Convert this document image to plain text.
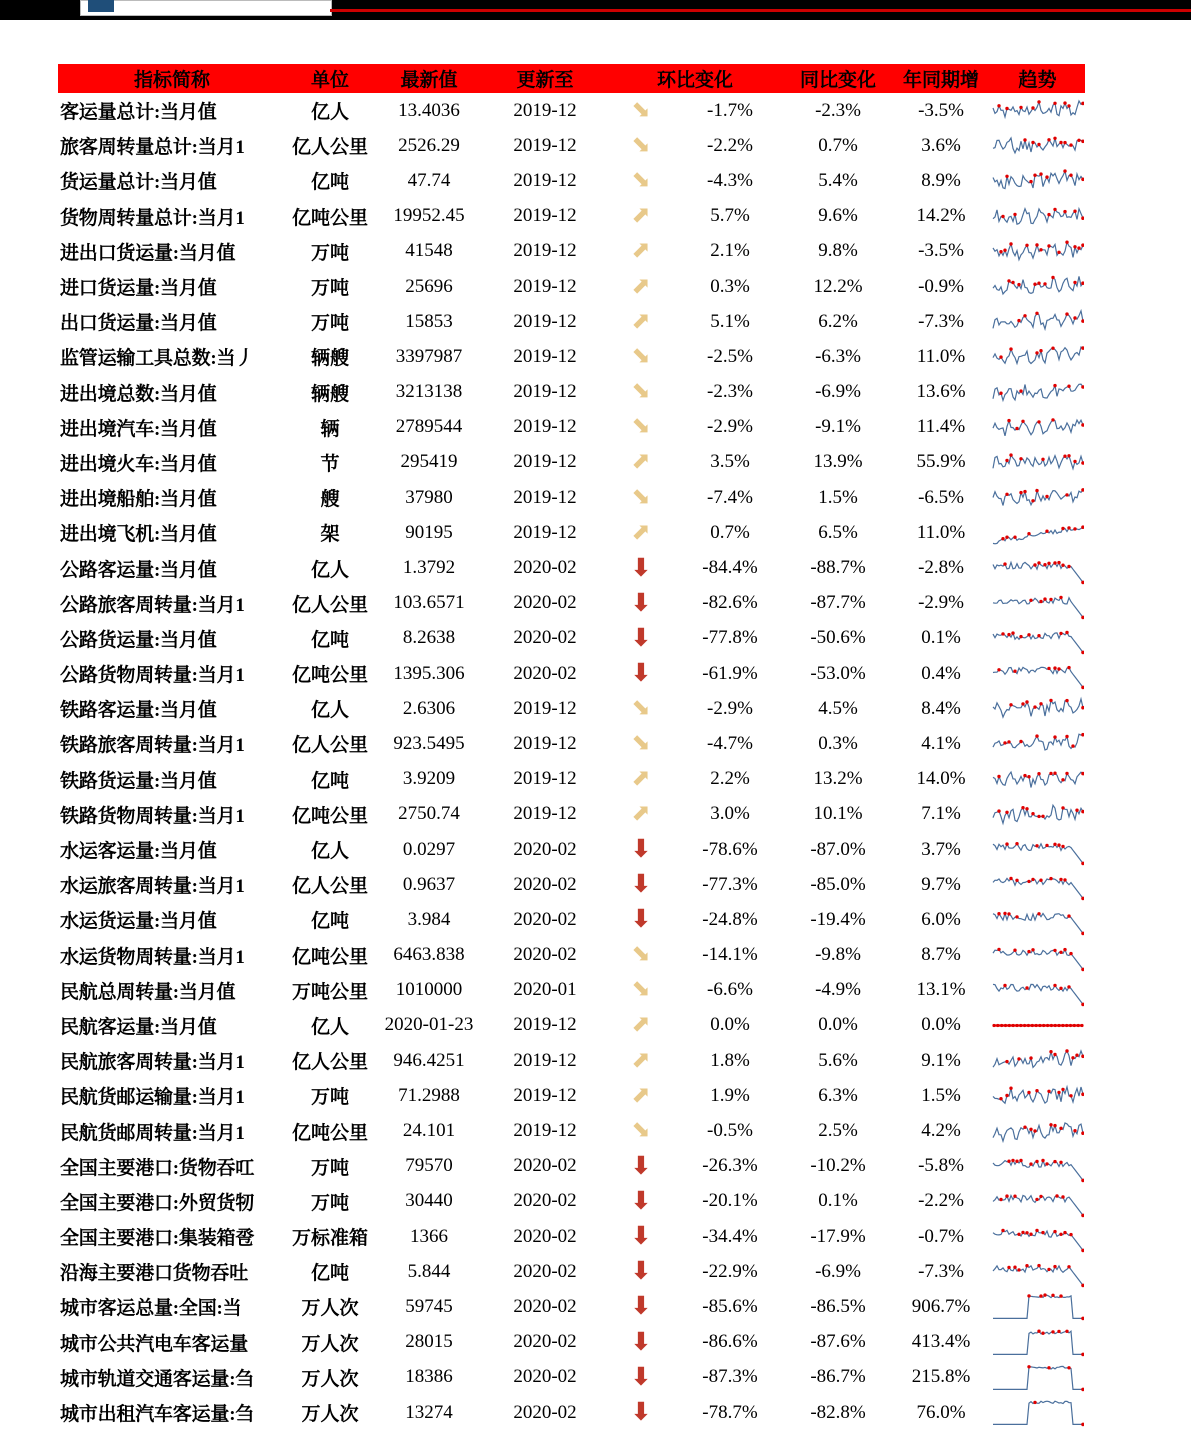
指标简称	单位	最新值	更新至	环比变化		同比变化	年同期增	趋势
客运量总计:当月值	亿人	13.4036	2019-12	⬊	-1.7%	-2.3%	-3.5%	

旅客周转量总计:当月1	亿人公里	2526.29	2019-12	⬊	-2.2%	0.7%	3.6%	

货运量总计:当月值	亿吨	47.74	2019-12	⬊	-4.3%	5.4%	8.9%	

货物周转量总计:当月1	亿吨公里	19952.45	2019-12	⬈	5.7%	9.6%	14.2%	

进出口货运量:当月值	万吨	41548	2019-12	⬈	2.1%	9.8%	-3.5%	

进口货运量:当月值	万吨	25696	2019-12	⬈	0.3%	12.2%	-0.9%	

出口货运量:当月值	万吨	15853	2019-12	⬈	5.1%	6.2%	-7.3%	

监管运输工具总数:当丿	辆艘	3397987	2019-12	⬊	-2.5%	-6.3%	11.0%	

进出境总数:当月值	辆艘	3213138	2019-12	⬊	-2.3%	-6.9%	13.6%	

进出境汽车:当月值	辆	2789544	2019-12	⬊	-2.9%	-9.1%	11.4%	

进出境火车:当月值	节	295419	2019-12	⬈	3.5%	13.9%	55.9%	

进出境船舶:当月值	艘	37980	2019-12	⬊	-7.4%	1.5%	-6.5%	

进出境飞机:当月值	架	90195	2019-12	⬈	0.7%	6.5%	11.0%	

公路客运量:当月值	亿人	1.3792	2020-02	⬇	-84.4%	-88.7%	-2.8%	

公路旅客周转量:当月1	亿人公里	103.6571	2020-02	⬇	-82.6%	-87.7%	-2.9%	

公路货运量:当月值	亿吨	8.2638	2020-02	⬇	-77.8%	-50.6%	0.1%	

公路货物周转量:当月1	亿吨公里	1395.306	2020-02	⬇	-61.9%	-53.0%	0.4%	

铁路客运量:当月值	亿人	2.6306	2019-12	⬊	-2.9%	4.5%	8.4%	

铁路旅客周转量:当月1	亿人公里	923.5495	2019-12	⬊	-4.7%	0.3%	4.1%	

铁路货运量:当月值	亿吨	3.9209	2019-12	⬈	2.2%	13.2%	14.0%	

铁路货物周转量:当月1	亿吨公里	2750.74	2019-12	⬈	3.0%	10.1%	7.1%	

水运客运量:当月值	亿人	0.0297	2020-02	⬇	-78.6%	-87.0%	3.7%	

水运旅客周转量:当月1	亿人公里	0.9637	2020-02	⬇	-77.3%	-85.0%	9.7%	

水运货运量:当月值	亿吨	3.984	2020-02	⬇	-24.8%	-19.4%	6.0%	

水运货物周转量:当月1	亿吨公里	6463.838	2020-02	⬊	-14.1%	-9.8%	8.7%	

民航总周转量:当月值	万吨公里	1010000	2020-01	⬊	-6.6%	-4.9%	13.1%	

民航客运量:当月值	亿人	2020-01-23	2019-12	⬈	0.0%	0.0%	0.0%	

民航旅客周转量:当月1	亿人公里	946.4251	2019-12	⬈	1.8%	5.6%	9.1%	

民航货邮运输量:当月1	万吨	71.2988	2019-12	⬈	1.9%	6.3%	1.5%	

民航货邮周转量:当月1	亿吨公里	24.101	2019-12	⬊	-0.5%	2.5%	4.2%	

全国主要港口:货物吞叿	万吨	79570	2020-02	⬇	-26.3%	-10.2%	-5.8%	

全国主要港口:外贸货牣	万吨	30440	2020-02	⬇	-20.1%	0.1%	-2.2%	

全国主要港口:集装箱卺	万标准箱	1366	2020-02	⬇	-34.4%	-17.9%	-0.7%	

沿海主要港口货物吞吐	亿吨	5.844	2020-02	⬇	-22.9%	-6.9%	-7.3%	

城市客运总量:全国:当	万人次	59745	2020-02	⬇	-85.6%	-86.5%	906.7%	

城市公共汽电车客运量	万人次	28015	2020-02	⬇	-86.6%	-87.6%	413.4%	

城市轨道交通客运量:刍	万人次	18386	2020-02	⬇	-87.3%	-86.7%	215.8%	

城市出租汽车客运量:刍	万人次	13274	2020-02	⬇	-78.7%	-82.8%	76.0%	
